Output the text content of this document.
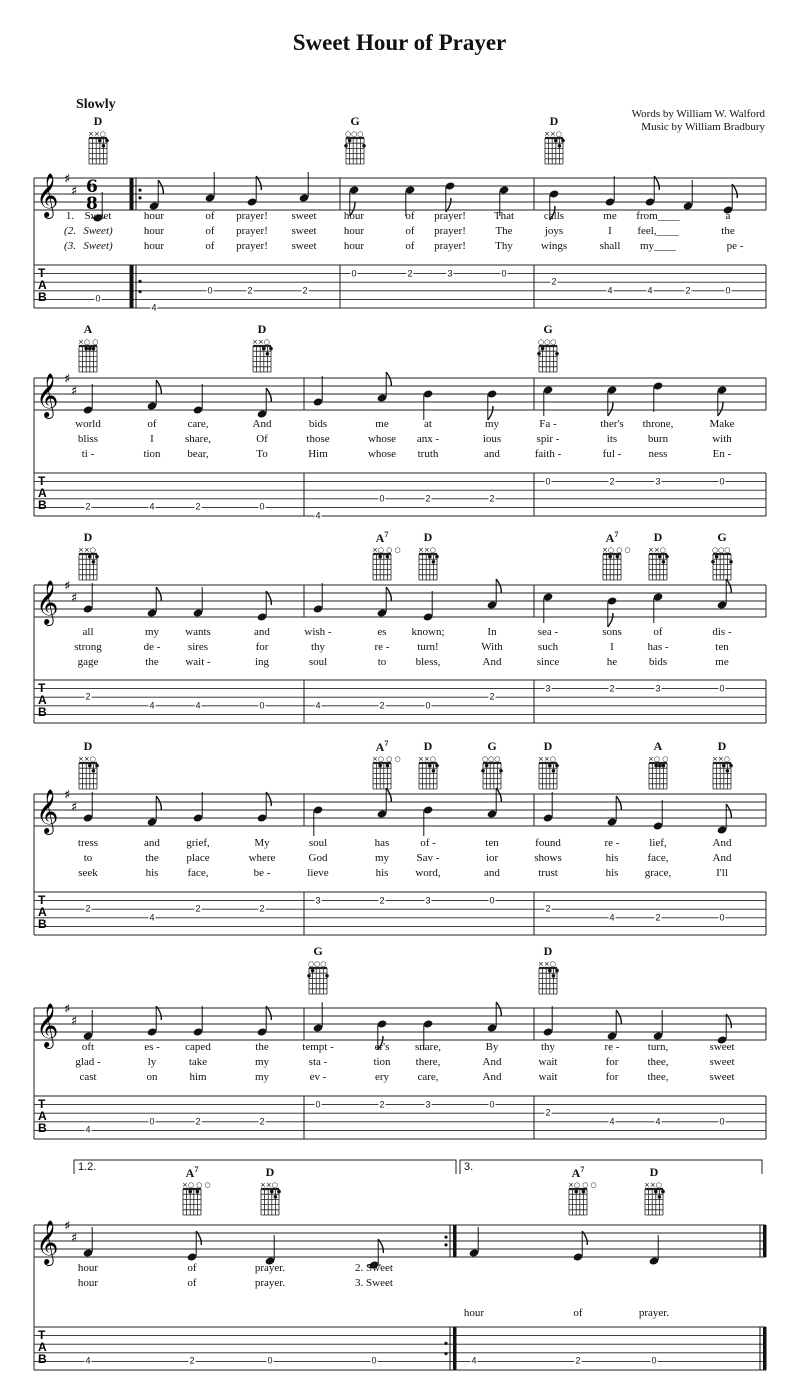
Sweet Hour of Prayer
Slowly
Words by William W. Walford
Music by William Bradbury
𝄞 ♯
♯
T
A
B
6
8
××○	○○○	××○
D	G	D
1. Sweet	hour	of prayer! sweet hour	of prayer!	That	calls	me from____	a
(2. Sweet)	hour	of prayer! sweet hour	of prayer!	The	joys	I feel,____	the
(3. Sweet)	hour	of prayer! sweet hour	of prayer!	Thy	wings	shall my____	pe -
0
4
0	2	2
0	2	3	0
2
4	4	2	0
𝄞 ♯
♯
T
A
B
×○ ○	××○	○○○
A	D	G
world	of	care,	And	bids	me	at	my	Fa -	ther's throne,	Make
bliss	I	share,	Of	those	whose anx -	ious	spir -	its	burn	with
ti -	tion bear,	To	Him	whose truth	and	faith -	ful - ness	En -
2	4	2	0
4
0	2	2
0	2	3	0
𝄞 ♯
♯
T
A
B
××○	×○ ○ ○ ××○	×○ ○ ○ ××○	○○○
D	$A^7$	D	$A^7$	D	G
all	my wants	and	wish -	es known;	In	sea -	sons	of	dis -
strong	de -	sires	for	thy	re -	turn!	With	such	I	has -	ten
gage	the wait -	ing	soul	to	bless,	And	since	he	bids	me
2
4	4	0	4	2	0
2
3	2	3	0
𝄞 ♯
♯
T
A
B
××○	×○ ○ ○ ××○	○○○	××○	×○ ○	××○
D	$A^7$	D	G	D	A	D
tress	and grief,	My	soul	has	of -	ten	found	re -	lief,	And
to	the	place	where	God	my	Sav -	ior	shows	his	face,	And
seek	his	face,	be -	lieve	his word,	and	trust	his grace,	I'll
2
4
2	2
3	2	3	0
2
4	2	0
𝄞 ♯
♯
T
A
B
○○○	××○
G	D
oft	es - caped	the	tempt -	er's snare,	By	thy	re -	turn,	sweet
glad -	ly	take	my	sta -	tion there,	And	wait	for	thee,	sweet
cast	on	him	my	ev -	ery	care,	And	wait	for	thee,	sweet
4
0	2	2
0	2	3	0
2
4	4	0
𝄞 ♯
♯
T
A
B
×○ ○ ○	××○	×○ ○ ○	××○
1.2.	3.
$A^7$	D	$A^7$	D
hour	of	prayer.	2. Sweet
hour	of	prayer.	3. Sweet
hour	of	prayer.
4	2	0	0	4	2	0
